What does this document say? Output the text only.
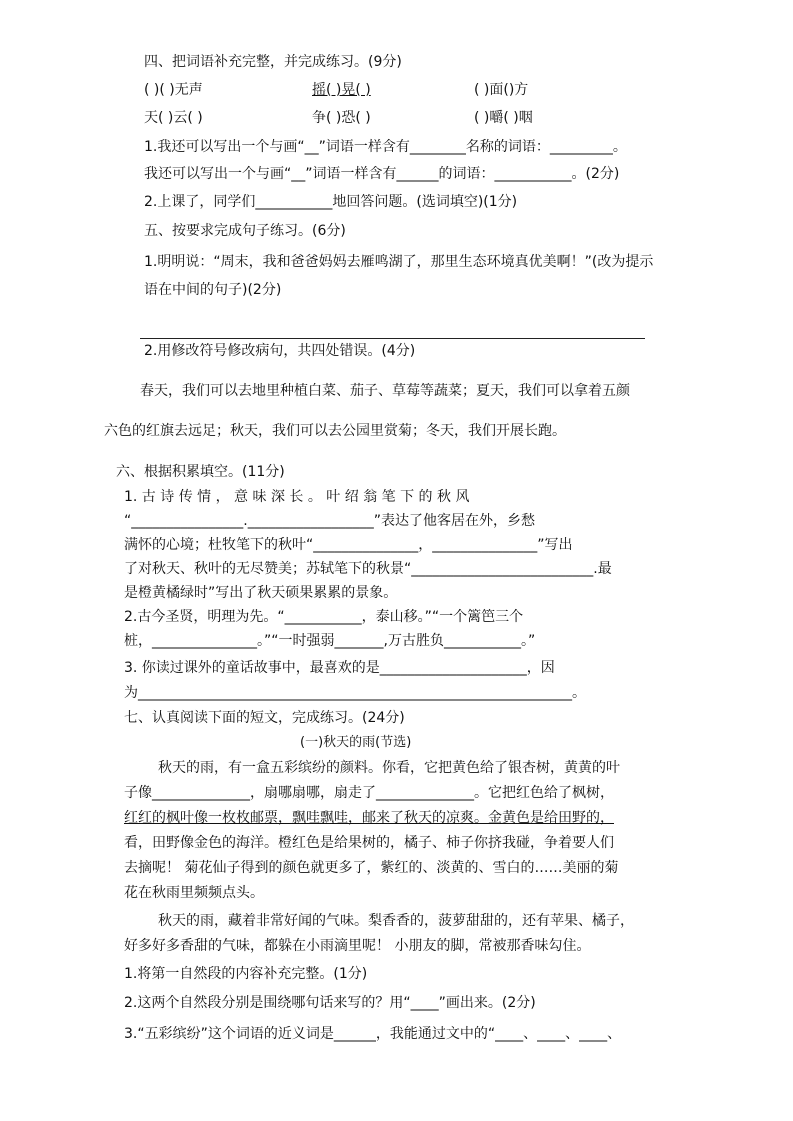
四、把词语补充完整，并完成练习。(9分)
( )( )无声	摇( )晃( )	( )面()方
天( )云( )	争( )恐( )	( )嚼( )咽
1.我还可以写出一个与画“__”词语一样含有________名称的词语：_________。
我还可以写出一个与画“__”词语一样含有______的词语：___________。(2分)
2.上课了，同学们___________地回答问题。(选词填空)(1分)
五、按要求完成句子练习。(6分)
1.明明说：“周末，我和爸爸妈妈去雁鸣湖了，那里生态环境真优美啊！”(改为提示
语在中间的句子)(2分)
2.用修改符号修改病句，共四处错误。(4分)
春天，我们可以去地里种植白菜、茄子、草莓等蔬菜；夏天，我们可以拿着五颜
六色的红旗去远足；秋天，我们可以去公园里赏菊；冬天，我们开展长跑。
六、根据积累填空。(11分)
1. 古 诗 传 情 ， 意 味 深 长 。 叶 绍 翁 笔 下 的 秋 风
“________________.__________________”表达了他客居在外，乡愁
满怀的心境；杜牧笔下的秋叶“_______________，_______________”写出
了对秋天、秋叶的无尽赞美；苏轼笔下的秋景“__________________________.最
是橙黄橘绿时”写出了秋天硕果累累的景象。
2.古今圣贤，明理为先。“___________，泰山移。”“一个篱笆三个
桩，_______________。”“一时强弱_______,万古胜负___________。”
3. 你读过课外的童话故事中，最喜欢的是_____________________，因
为______________________________________________________________。
七、认真阅读下面的短文，完成练习。(24分)
(一)秋天的雨(节选)
秋天的雨，有一盒五彩缤纷的颜料。你看，它把黄色给了银杏树，黄黄的叶
子像______________，扇哪扇哪，扇走了______________。它把红色给了枫树，
红红的枫叶像一枚枚邮票，飘哇飘哇，邮来了秋天的凉爽。金黄色是给田野的，
看，田野像金色的海洋。橙红色是给果树的，橘子、柿子你挤我碰，争着要人们
去摘呢！ 菊花仙子得到的颜色就更多了，紫红的、淡黄的、雪白的……美丽的菊
花在秋雨里频频点头。
秋天的雨，藏着非常好闻的气味。梨香香的，菠萝甜甜的，还有苹果、橘子，
好多好多香甜的气味，都躲在小雨滴里呢！ 小朋友的脚，常被那香味勾住。
1.将第一自然段的内容补充完整。(1分)
2.这两个自然段分别是围绕哪句话来写的？用“____”画出来。(2分)
3.“五彩缤纷”这个词语的近义词是______，我能通过文中的“____、____、____、
